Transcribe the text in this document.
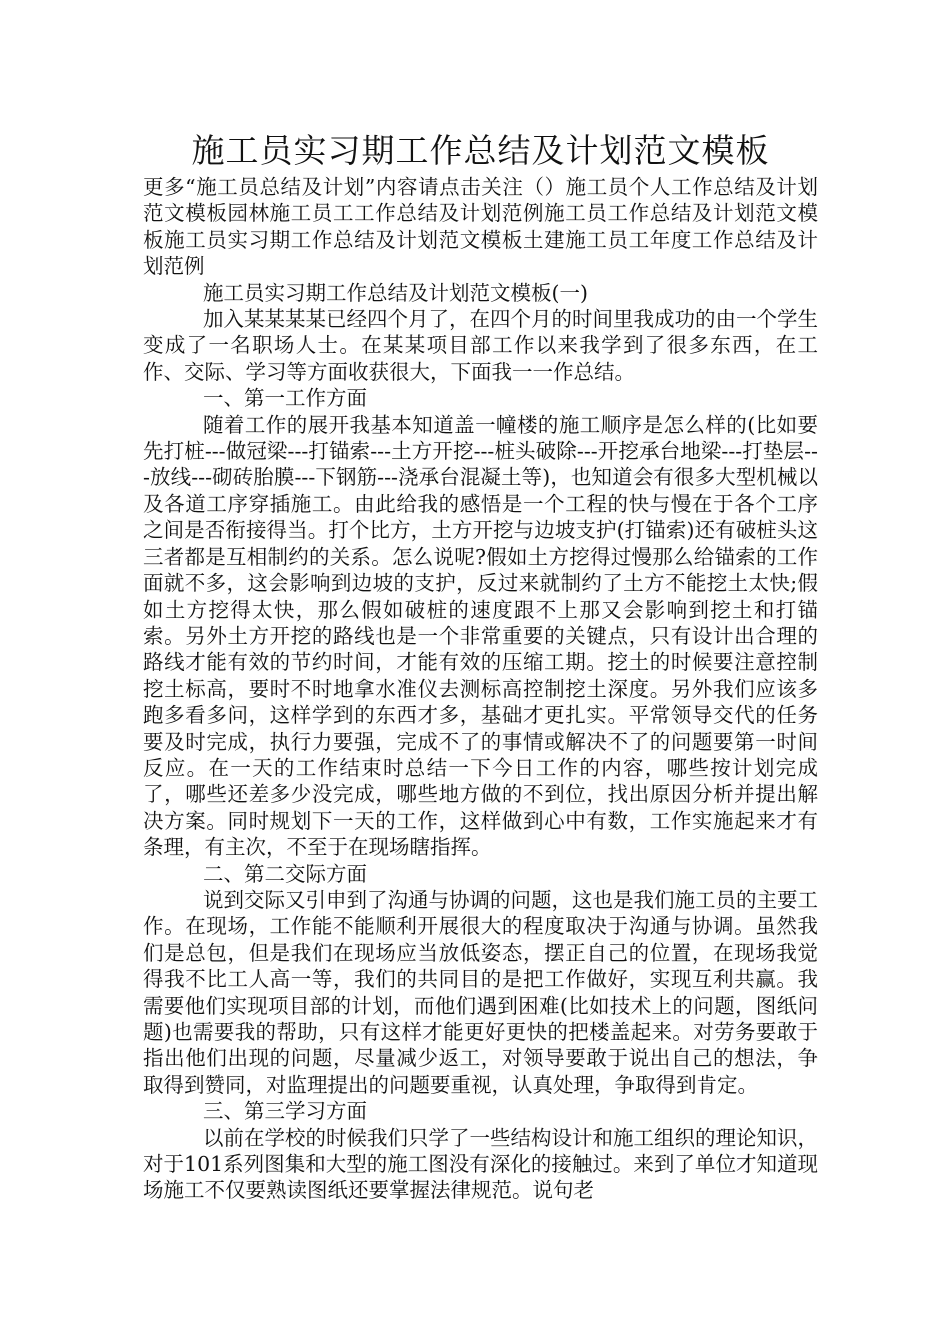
施工员实习期工作总结及计划范文模板

更多“施工员总结及计划”内容请点击关注（）施工员个人工作总结及计划范文模板园林施工员工工作总结及计划范例施工员工作总结及计划范文模板施工员实习期工作总结及计划范文模板土建施工员工年度工作总结及计划范例

施工员实习期工作总结及计划范文模板(一)

加入某某某某已经四个月了，在四个月的时间里我成功的由一个学生变成了一名职场人士。在某某项目部工作以来我学到了很多东西，在工作、交际、学习等方面收获很大，下面我一一作总结。

一、第一工作方面

随着工作的展开我基本知道盖一幢楼的施工顺序是怎么样的(比如要先打桩---做冠梁---打锚索---土方开挖---桩头破除---开挖承台地梁---打垫层---放线---砌砖胎膜---下钢筋---浇承台混凝土等)，也知道会有很多大型机械以及各道工序穿插施工。由此给我的感悟是一个工程的快与慢在于各个工序之间是否衔接得当。打个比方，土方开挖与边坡支护(打锚索)还有破桩头这三者都是互相制约的关系。怎么说呢?假如土方挖得过慢那么给锚索的工作面就不多，这会影响到边坡的支护，反过来就制约了土方不能挖土太快;假如土方挖得太快，那么假如破桩的速度跟不上那又会影响到挖土和打锚索。另外土方开挖的路线也是一个非常重要的关键点，只有设计出合理的路线才能有效的节约时间，才能有效的压缩工期。挖土的时候要注意控制挖土标高，要时不时地拿水准仪去测标高控制挖土深度。另外我们应该多跑多看多问，这样学到的东西才多，基础才更扎实。平常领导交代的任务要及时完成，执行力要强，完成不了的事情或解决不了的问题要第一时间反应。在一天的工作结束时总结一下今日工作的内容，哪些按计划完成了，哪些还差多少没完成，哪些地方做的不到位，找出原因分析并提出解决方案。同时规划下一天的工作，这样做到心中有数，工作实施起来才有条理，有主次，不至于在现场瞎指挥。

二、第二交际方面

说到交际又引申到了沟通与协调的问题，这也是我们施工员的主要工作。在现场，工作能不能顺利开展很大的程度取决于沟通与协调。虽然我们是总包，但是我们在现场应当放低姿态，摆正自己的位置，在现场我觉得我不比工人高一等，我们的共同目的是把工作做好，实现互利共赢。我需要他们实现项目部的计划，而他们遇到困难(比如技术上的问题，图纸问题)也需要我的帮助，只有这样才能更好更快的把楼盖起来。对劳务要敢于指出他们出现的问题，尽量减少返工，对领导要敢于说出自己的想法，争取得到赞同，对监理提出的问题要重视，认真处理，争取得到肯定。

三、第三学习方面

以前在学校的时候我们只学了一些结构设计和施工组织的理论知识，对于101系列图集和大型的施工图没有深化的接触过。来到了单位才知道现场施工不仅要熟读图纸还要掌握法律规范。说句老
